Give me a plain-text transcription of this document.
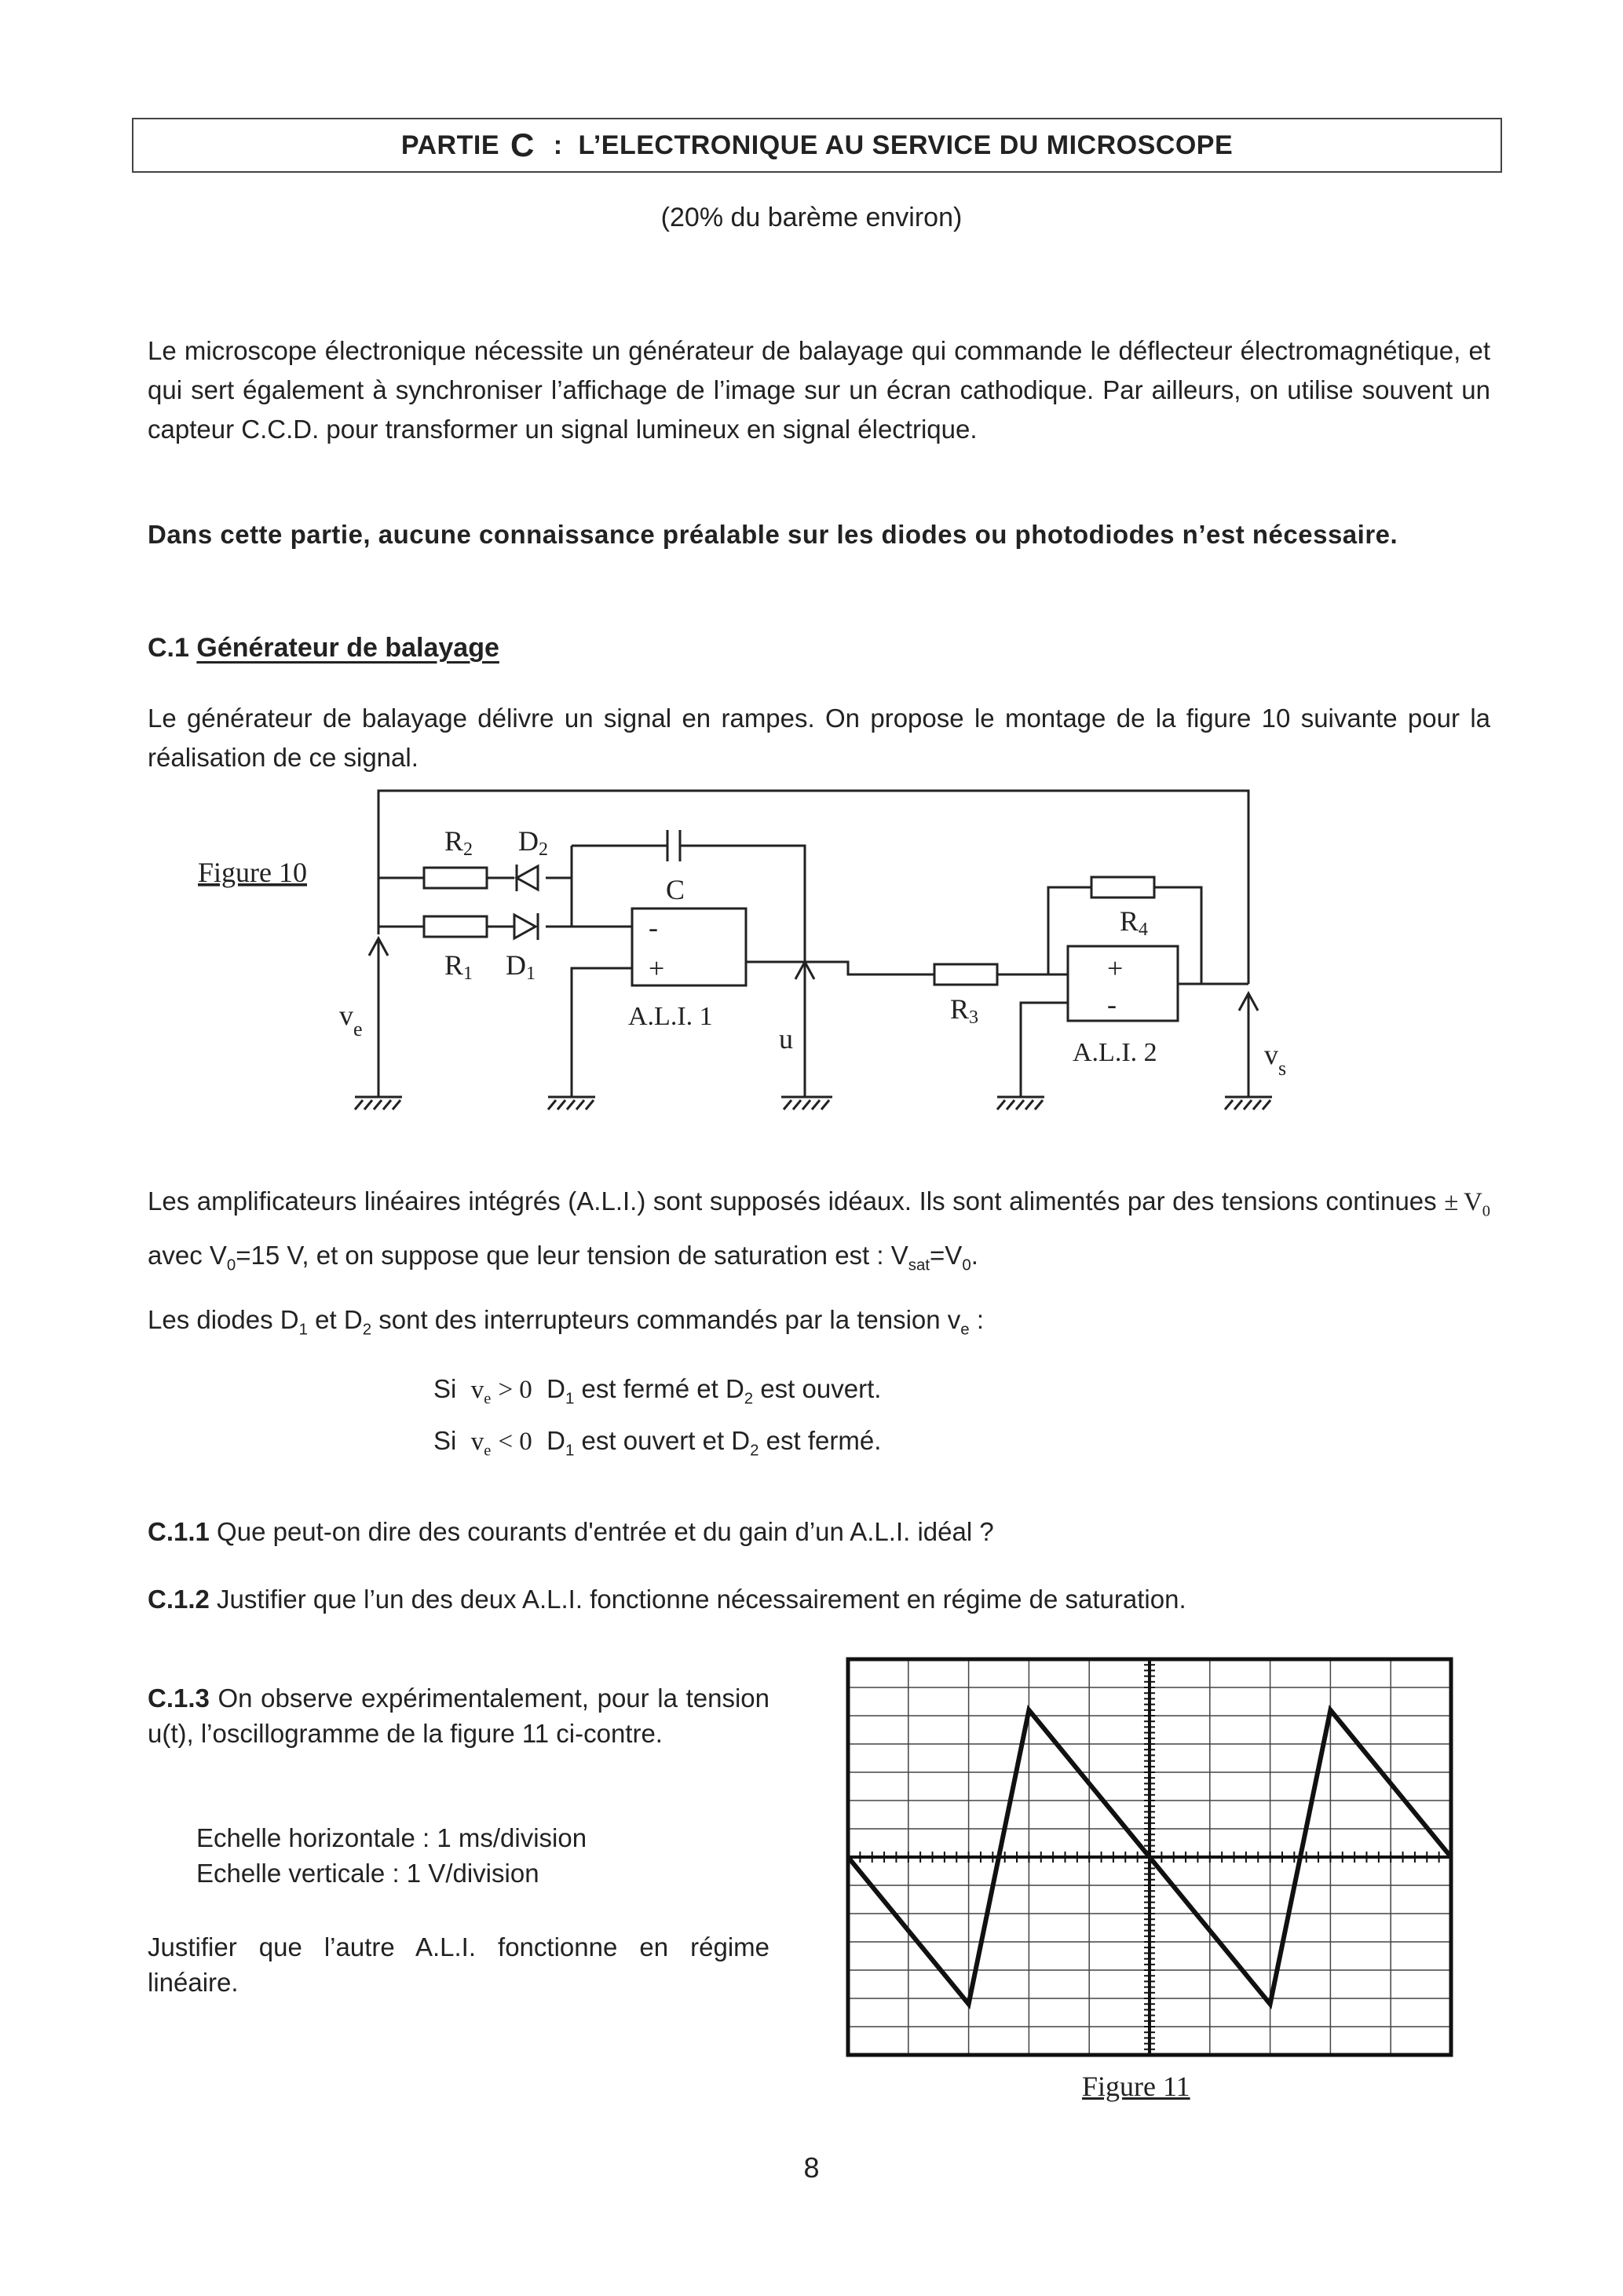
PARTIE
C
:
L’ELECTRONIQUE AU SERVICE DU MICROSCOPE
(20% du barème environ)
Le microscope électronique nécessite un générateur de balayage qui commande le déflecteur électromagnétique, et qui sert également à synchroniser l’affichage de l’image sur un écran cathodique. Par ailleurs, on utilise souvent un capteur C.C.D. pour transformer un signal lumineux en signal électrique.
Dans cette partie, aucune connaissance préalable sur les diodes ou photodiodes n’est nécessaire.
C.1 Générateur de balayage
Le générateur de balayage délivre un signal en rampes. On propose le montage de la figure 10 suivante pour la réalisation de ce signal.
Figure 10
R2 D2
R1 D1
C
-
+
A.L.I. 1	R3
R4
+
-
A.L.I. 2
$v_e$	u	$v_s$
Les amplificateurs linéaires intégrés (A.L.I.) sont supposés idéaux. Ils sont alimentés par des tensions continues ±  $V_0$ avec $V_0=15$ V, et on suppose que leur tension de saturation est : $V_{sat}=V_0$.
Les diodes $D_1$ et $D_2$ sont des interrupteurs commandés par la tension $v_e$ :
Si $v_e > 0$ $D_1$ est fermé et $D_2$ est ouvert.
Si $v_e < 0$ $D_1$ est ouvert et $D_2$ est fermé.
C.1.1 Que peut-on dire des courants d'entrée et du gain d’un A.L.I. idéal ?
C.1.2 Justifier que l’un des deux A.L.I. fonctionne nécessairement en régime de saturation.
C.1.3 On observe expérimentalement, pour la tension u(t), l’oscillogramme de la figure 11 ci-contre.
Echelle horizontale : 1 ms/division
Echelle verticale : 1 V/division
Justifier que l’autre A.L.I. fonctionne en régime linéaire.
Figure 11
8
